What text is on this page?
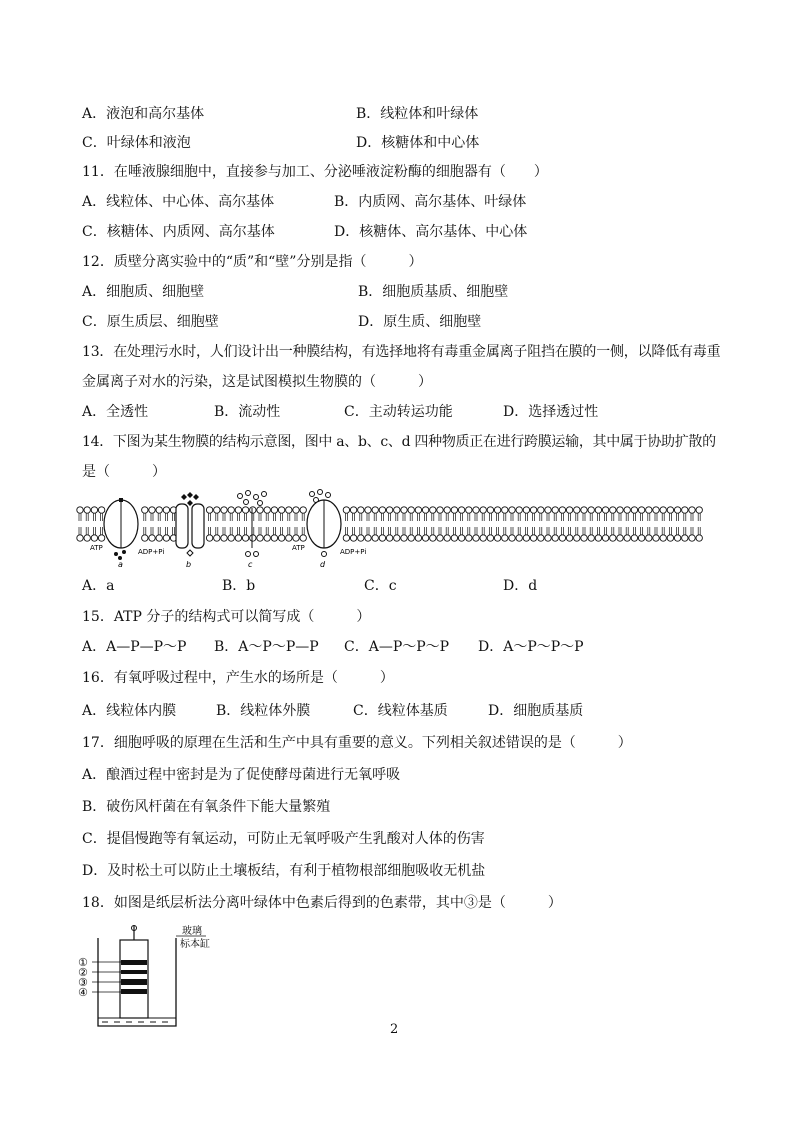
A．液泡和高尔基体	B．线粒体和叶绿体
C．叶绿体和液泡	D．核糖体和中心体
11．在唾液腺细胞中，直接参与加工、分泌唾液淀粉酶的细胞器有（　　）
A．线粒体、中心体、高尔基体	B．内质网、高尔基体、叶绿体
C．核糖体、内质网、高尔基体	D．核糖体、高尔基体、中心体
12．质壁分离实验中的“质”和“壁”分别是指（　　　）
A．细胞质、细胞壁	B．细胞质基质、细胞壁
C．原生质层、细胞壁	D．原生质、细胞壁
13．在处理污水时，人们设计出一种膜结构，有选择地将有毒重金属离子阻挡在膜的一侧，以降低有毒重
金属离子对水的污染，这是试图模拟生物膜的（　　　）
A．全透性	B．流动性	C．主动转运功能	D．选择透过性
14．下图为某生物膜的结构示意图，图中 a、b、c、d 四种物质正在进行跨膜运输，其中属于协助扩散的
是（　　　）
ATP	ADP+Pi
a	b	c
ATP	ADP+Pi
d
A．a	B．b	C．c	D．d
15．ATP 分子的结构式可以简写成（　　　）
A．A—P—P～P B．A～P～P—P C．A—P～P～P D．A～P～P～P
16．有氧呼吸过程中，产生水的场所是（　　　）
A．线粒体内膜	B．线粒体外膜	C．线粒体基质	D．细胞质基质
17．细胞呼吸的原理在生活和生产中具有重要的意义。下列相关叙述错误的是（　　　）
A．酿酒过程中密封是为了促使酵母菌进行无氧呼吸
B．破伤风杆菌在有氧条件下能大量繁殖
C．提倡慢跑等有氧运动，可防止无氧呼吸产生乳酸对人体的伤害
D．及时松土可以防止土壤板结，有利于植物根部细胞吸收无机盐
18．如图是纸层析法分离叶绿体中色素后得到的色素带，其中③是（　　　）
①
②
③
④
玻璃
标本缸
2
